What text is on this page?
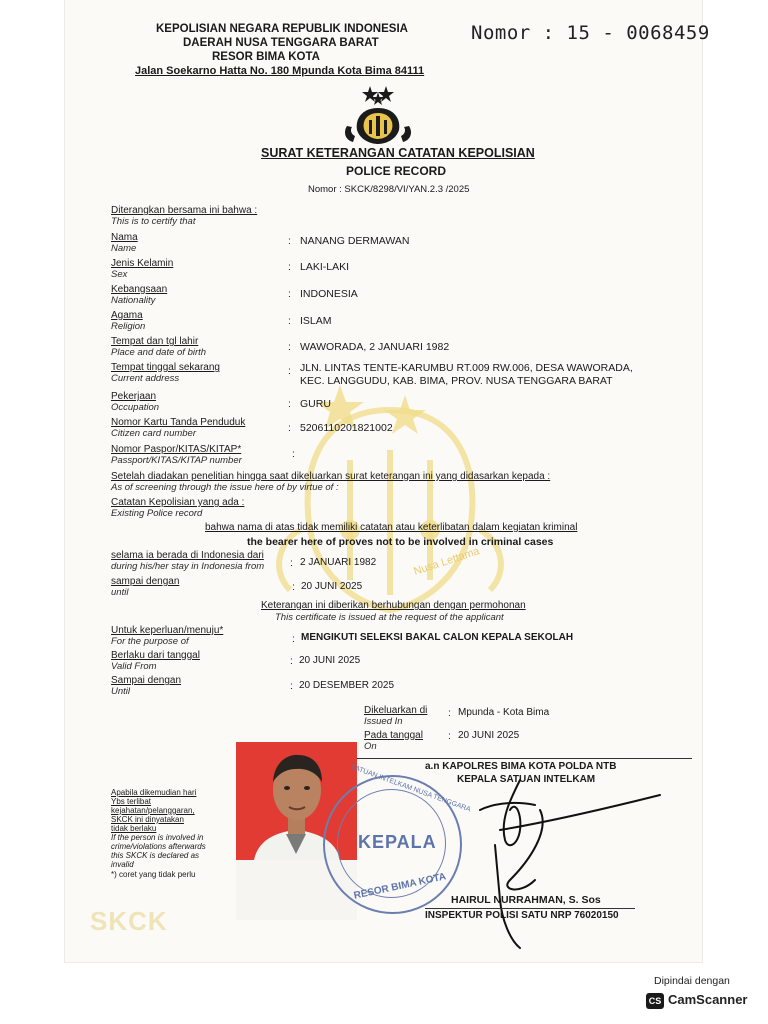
Nusa Lettama
KEPOLISIAN NEGARA REPUBLIK INDONESIA
DAERAH NUSA TENGGARA BARAT
RESOR BIMA KOTA
Jalan Soekarno Hatta No. 180 Mpunda Kota Bima 84111
Nomor : 15 - 0068459
SURAT KETERANGAN CATATAN KEPOLISIAN
POLICE RECORD
Nomor : SKCK/8298/VI/YAN.2.3 /2025
Diterangkan bersama ini bahwa :
This is to certify that
Nama
Name
: NANANG DERMAWAN
Jenis Kelamin
Sex
: LAKI-LAKI
Kebangsaan
Nationality
: INDONESIA
Agama
Religion	: ISLAM
Tempat dan tgl lahir
Place and date of birth	: WAWORADA, 2 JANUARI 1982
Tempat tinggal sekarang
Current address
: JLN. LINTAS TENTE-KARUMBU RT.009 RW.006, DESA WAWORADA,
KEC. LANGGUDU, KAB. BIMA, PROV. NUSA TENGGARA BARAT
Pekerjaan
Occupation	: GURU
Nomor Kartu Tanda Penduduk
Citizen card number	: 5206110201821002
Nomor Paspor/KITAS/KITAP*
Passport/KITAS/KITAP number
:
Setelah diadakan penelitian hingga saat dikeluarkan surat keterangan ini yang didasarkan kepada :
As of screening through the issue here of by virtue of :
Catatan Kepolisian yang ada :
Existing Police record
bahwa nama di atas tidak memiliki catatan atau keterlibatan dalam kegiatan kriminal
the bearer here of proves not to be involved in criminal cases
selama ia berada di Indonesia dari
during his/her stay in Indonesia from : 2 JANUARI 1982
sampai dengan
until	: 20 JUNI 2025
Keterangan ini diberikan berhubungan dengan permohonan
This certificate is issued at the request of the applicant
Untuk keperluan/menuju*
For the purpose of	: MENGIKUTI SELEKSI BAKAL CALON KEPALA SEKOLAH
Berlaku dari tanggal
Valid From	: 20 JUNI 2025
Sampai dengan
Until	: 20 DESEMBER 2025
Dikeluarkan di
Issued In
: Mpunda - Kota Bima
Pada tanggal
On
: 20 JUNI 2025
a.n KAPOLRES BIMA KOTA POLDA NTB
KEPALA SATUAN INTELKAM
KEPALA
SATUAN INTELKAM NUSA TENGGARA
RESOR BIMA KOTA HAIRUL NURRAHMAN, S. Sos
INSPEKTUR POLISI SATU NRP 76020150
Apabila dikemudian hari
Ybs terlibat
kejahatan/pelanggaran,
SKCK ini dinyatakan
tidak berlaku
If the person is involved in
crime/violations afterwards
this SKCK is declared as
invalid
*) coret yang tidak perlu
SKCK
Dipindai dengan
CS CamScanner
